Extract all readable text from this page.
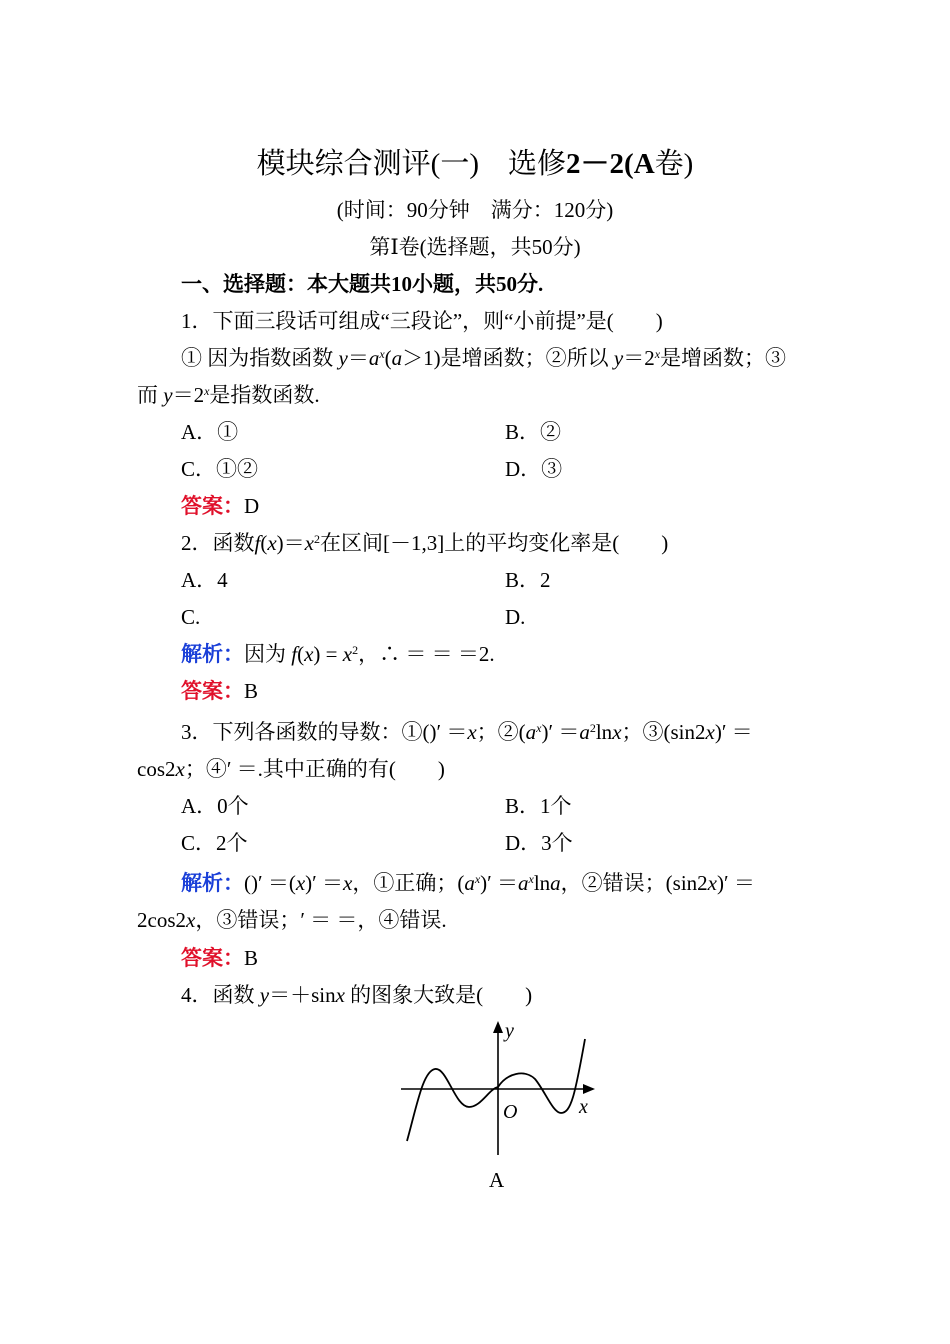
模块综合测评(一)　 选修2－2(A卷)
(时间：90分钟　满分：120分)
第Ⅰ卷(选择题，共50分)
一、选择题：本大题共10小题，共50分.
1．下面三段话可组成“三段论”，则“小前提”是(　　)
① 因为指数函数 $y=a^x(a>1)$是增函数；②所以 $y=2^x$是增函数；③
而 $y=2^x$是指数函数.
A．①	B．②
C．①②	D．③
答案：D
2．函数$f(x)=x^2$在区间[－1,3]上的平均变化率是(　　)
A．4	B．2
C.	D.
解析：因为 $f(x) = x^2$，∴ ＝ ＝ ＝2.
答案：B
3．下列各函数的导数：①()′ ＝x；$②(a^x)' =a^2\ln x$；③(sin2x)′ ＝
cos2x；④′ ＝.其中正确的有(　　)
A．0个	B．1个
C．2个	D．3个
解析：()′ ＝(x)′ ＝x，①正确；$(a^x)' =a^x\ln a$，②错误；(sin2x)′ ＝
2cos2x，③错误；′ ＝ ＝，④错误.
答案：B
4．函数 y＝＋sinx 的图象大致是(　　)
y
x
O
A
